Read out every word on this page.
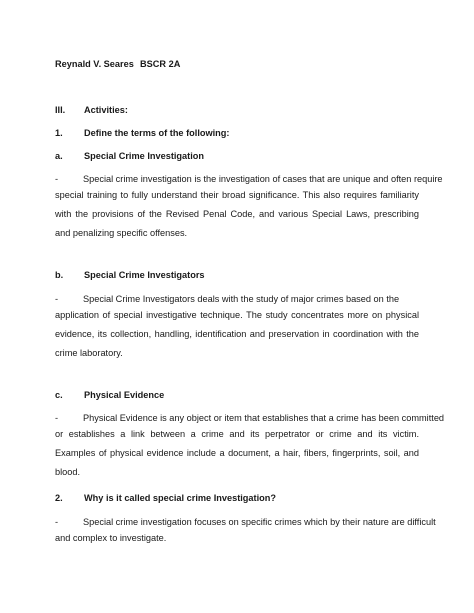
Reynald V. Seares BSCR 2A
III. Activities:
1. Define the terms of the following:
a. Special Crime Investigation
-	Special crime investigation is the investigation of cases that are unique and often require

special training to fully understand their broad significance. This also requires familiarity with the provisions of the Revised Penal Code, and various Special Laws, prescribing and penalizing specific offenses.

b. Special Crime Investigators
-	Special Crime Investigators deals with the study of major crimes based on the

application of special investigative technique. The study concentrates more on physical evidence, its collection, handling, identification and preservation in coordination with the crime laboratory.

c. Physical Evidence
-	Physical Evidence is any object or item that establishes that a crime has been committed

or establishes a link between a crime and its perpetrator or crime and its victim. Examples of physical evidence include a document, a hair, fibers, fingerprints, soil, and blood.

2. Why is it called special crime Investigation?
-	Special crime investigation focuses on specific crimes which by their nature are difficult

and complex to investigate.
